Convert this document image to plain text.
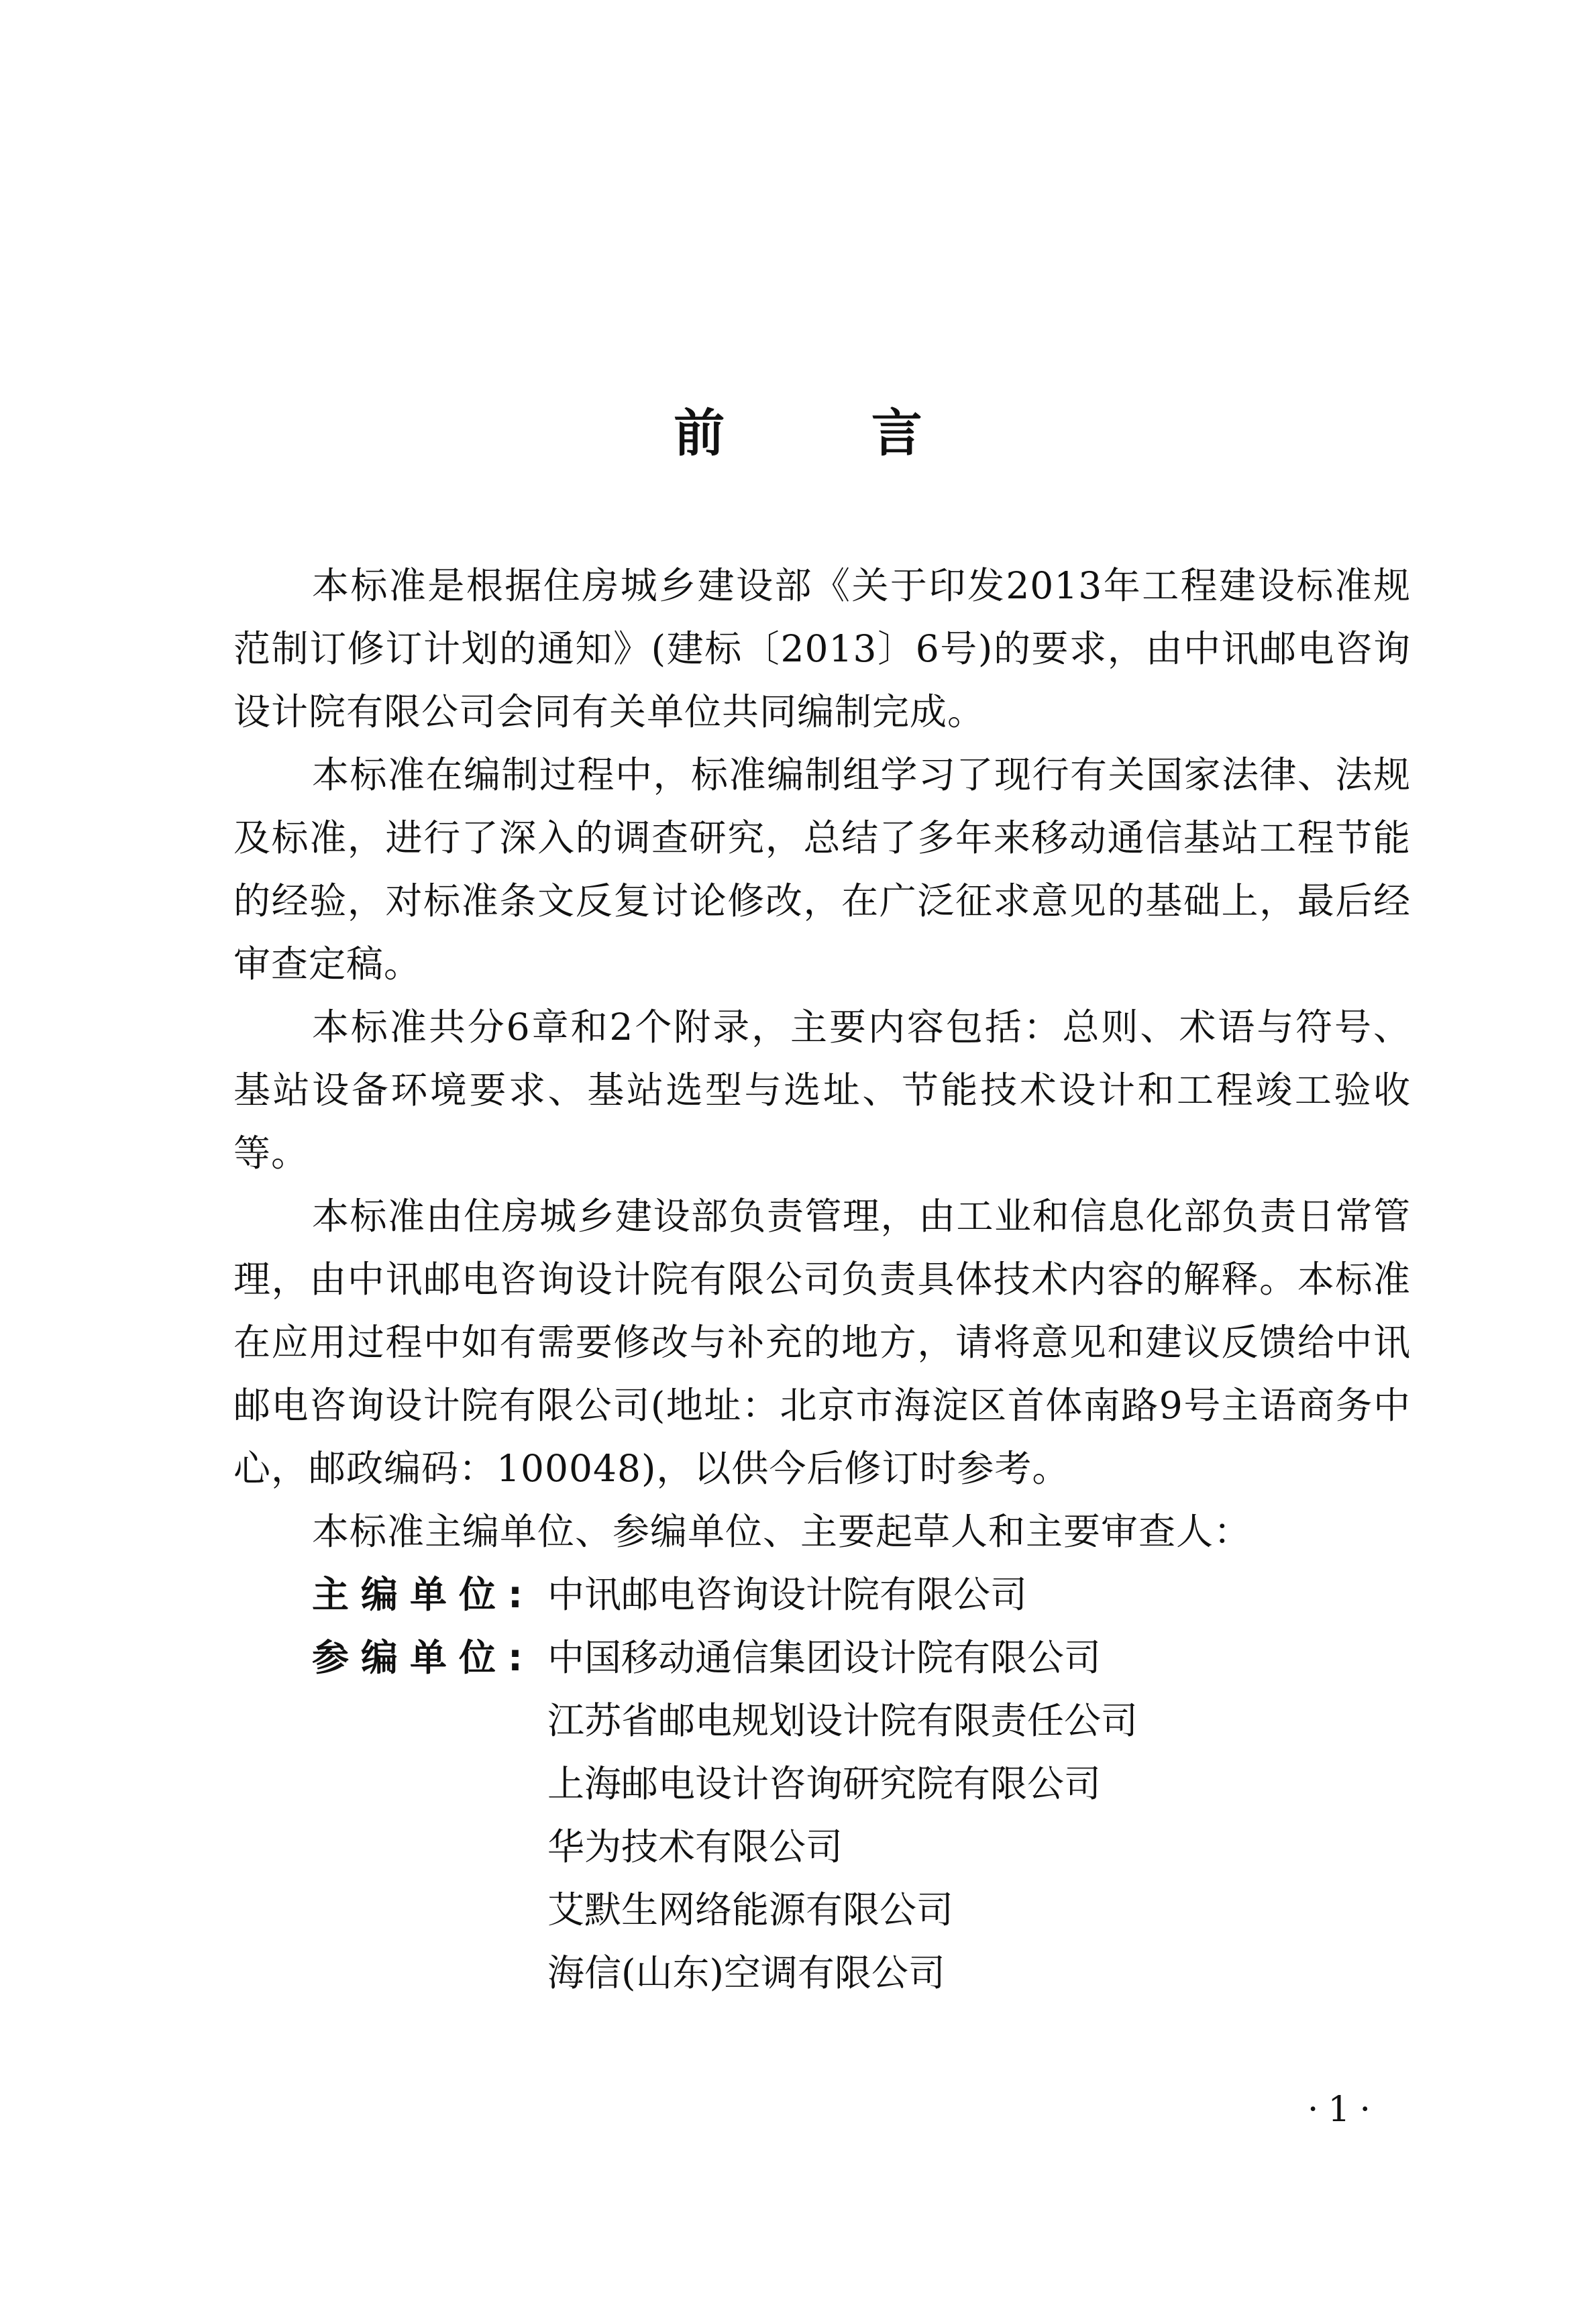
前 言

本标准是根据住房城乡建设部《关于印发2013年工程建设标准规范制订修订计划的通知》(建标〔2013〕6号)的要求，由中讯邮电咨询设计院有限公司会同有关单位共同编制完成。

本标准在编制过程中，标准编制组学习了现行有关国家法律、法规及标准，进行了深入的调查研究，总结了多年来移动通信基站工程节能的经验，对标准条文反复讨论修改，在广泛征求意见的基础上，最后经审查定稿。

本标准共分6章和2个附录，主要内容包括：总则、术语与符号、基站设备环境要求、基站选型与选址、节能技术设计和工程竣工验收等。

本标准由住房城乡建设部负责管理，由工业和信息化部负责日常管理，由中讯邮电咨询设计院有限公司负责具体技术内容的解释。本标准在应用过程中如有需要修改与补充的地方，请将意见和建议反馈给中讯邮电咨询设计院有限公司(地址：北京市海淀区首体南路9号主语商务中心，邮政编码：100048)，以供今后修订时参考。

本标准主编单位、参编单位、主要起草人和主要审查人：

主编单位: 中讯邮电咨询设计院有限公司
参编单位: 中国移动通信集团设计院有限公司
江苏省邮电规划设计院有限责任公司
上海邮电设计咨询研究院有限公司
华为技术有限公司
艾默生网络能源有限公司
海信(山东)空调有限公司
·1·
